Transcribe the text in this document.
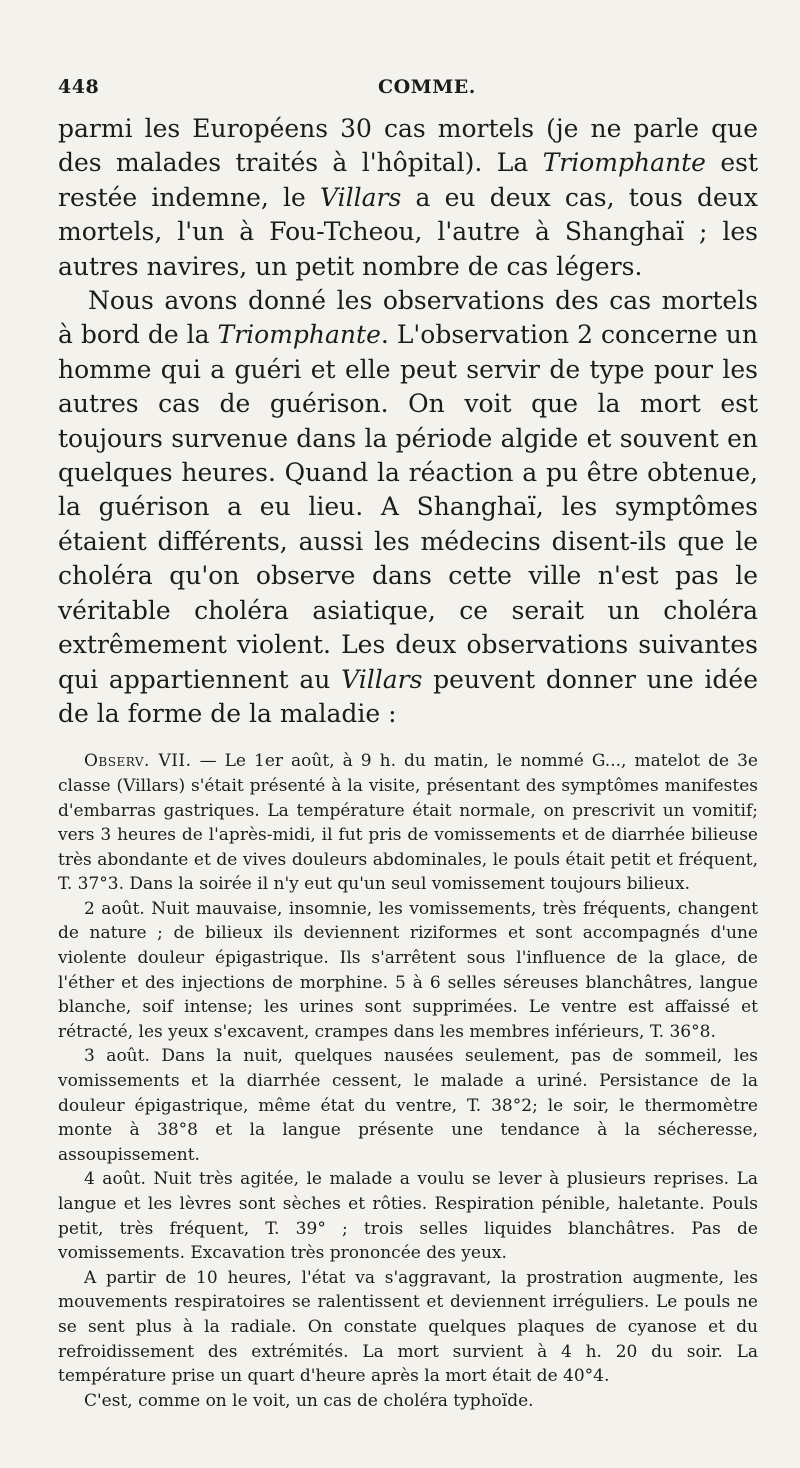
448	COMME.

parmi les Européens 30 cas mortels (je ne parle que des malades traités à l'hôpital). La Triomphante est restée indemne, le Villars a eu deux cas, tous deux mortels, l'un à Fou-Tcheou, l'autre à Shanghaï ; les autres navires, un petit nombre de cas légers.

Nous avons donné les observations des cas mortels à bord de la Triomphante. L'observation 2 concerne un homme qui a guéri et elle peut servir de type pour les autres cas de guérison. On voit que la mort est toujours survenue dans la période algide et souvent en quelques heures. Quand la réaction a pu être obtenue, la guérison a eu lieu. A Shanghaï, les symptômes étaient différents, aussi les médecins disent-ils que le choléra qu'on observe dans cette ville n'est pas le véritable choléra asiatique, ce serait un choléra extrêmement violent. Les deux observations suivantes qui appartiennent au Villars peuvent donner une idée de la forme de la maladie :

Observ. VII. — Le 1er août, à 9 h. du matin, le nommé G..., matelot de 3e classe (Villars) s'était présenté à la visite, présentant des symptômes manifestes d'embarras gastriques. La température était normale, on prescrivit un vomitif; vers 3 heures de l'après-midi, il fut pris de vomissements et de diarrhée bilieuse très abondante et de vives douleurs abdominales, le pouls était petit et fréquent, T. 37°3. Dans la soirée il n'y eut qu'un seul vomissement toujours bilieux.

2 août. Nuit mauvaise, insomnie, les vomissements, très fréquents, changent de nature ; de bilieux ils deviennent riziformes et sont accompagnés d'une violente douleur épigastrique. Ils s'arrêtent sous l'influence de la glace, de l'éther et des injections de morphine. 5 à 6 selles séreuses blanchâtres, langue blanche, soif intense; les urines sont supprimées. Le ventre est affaissé et rétracté, les yeux s'excavent, crampes dans les membres inférieurs, T. 36°8.

3 août. Dans la nuit, quelques nausées seulement, pas de sommeil, les vomissements et la diarrhée cessent, le malade a uriné. Persistance de la douleur épigastrique, même état du ventre, T. 38°2; le soir, le thermomètre monte à 38°8 et la langue présente une tendance à la sécheresse, assoupissement.

4 août. Nuit très agitée, le malade a voulu se lever à plusieurs reprises. La langue et les lèvres sont sèches et rôties. Respiration pénible, haletante. Pouls petit, très fréquent, T. 39° ; trois selles liquides blanchâtres. Pas de vomissements. Excavation très prononcée des yeux.

A partir de 10 heures, l'état va s'aggravant, la prostration augmente, les mouvements respiratoires se ralentissent et deviennent irréguliers. Le pouls ne se sent plus à la radiale. On constate quelques plaques de cyanose et du refroidissement des extrémités. La mort survient à 4 h. 20 du soir. La température prise un quart d'heure après la mort était de 40°4.

C'est, comme on le voit, un cas de choléra typhoïde.
